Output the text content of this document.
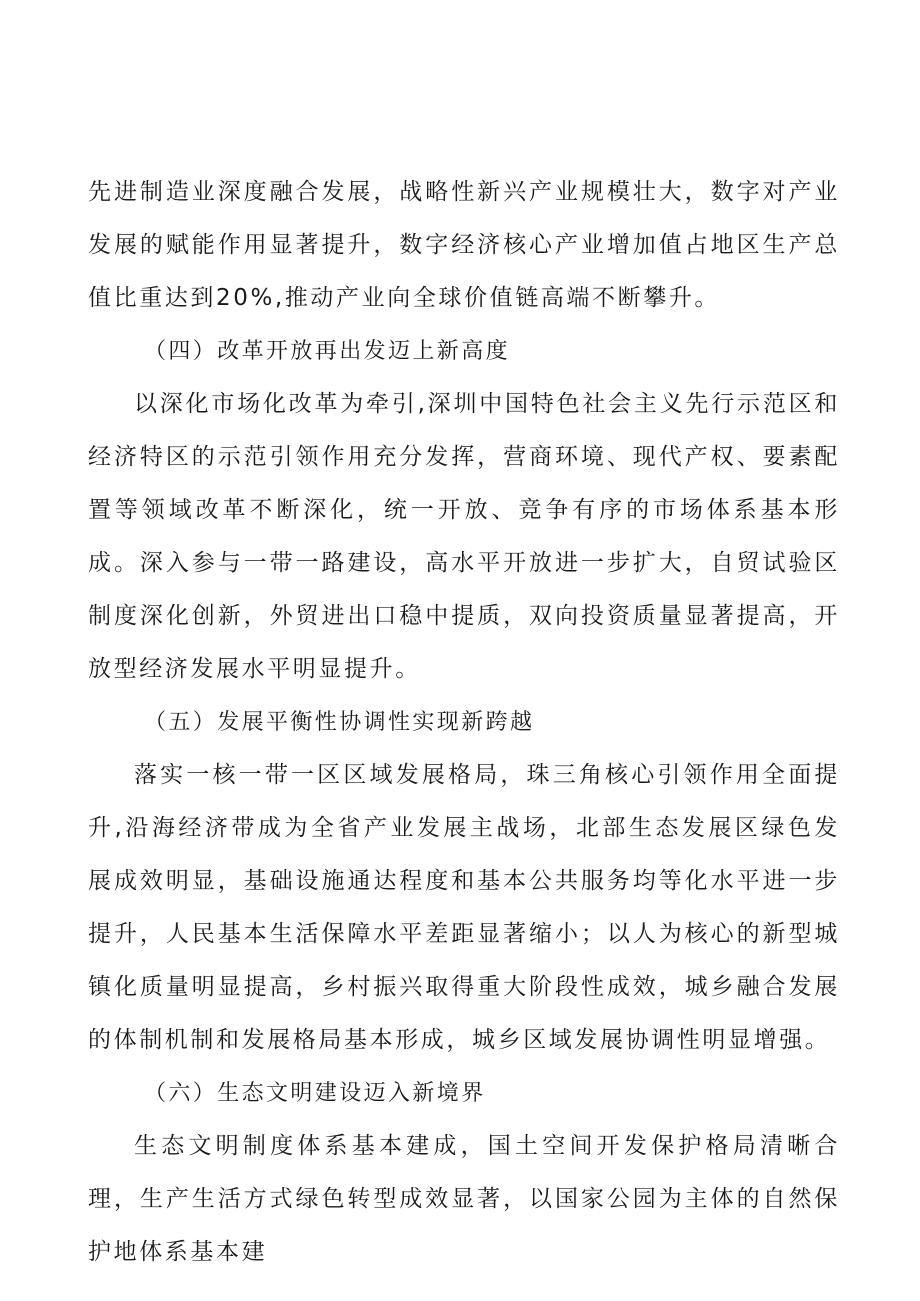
先进制造业深度融合发展，战略性新兴产业规模壮大，数字对产业发展的赋能作用显著提升，数字经济核心产业增加值占地区生产总值比重达到20%,推动产业向全球价值链高端不断攀升。

（四）改革开放再出发迈上新高度

以深化市场化改革为牵引,深圳中国特色社会主义先行示范区和经济特区的示范引领作用充分发挥，营商环境、现代产权、要素配置等领域改革不断深化，统一开放、竞争有序的市场体系基本形成。深入参与一带一路建设，高水平开放进一步扩大，自贸试验区制度深化创新，外贸进出口稳中提质，双向投资质量显著提高，开放型经济发展水平明显提升。

（五）发展平衡性协调性实现新跨越

落实一核一带一区区域发展格局，珠三角核心引领作用全面提升,沿海经济带成为全省产业发展主战场，北部生态发展区绿色发展成效明显，基础设施通达程度和基本公共服务均等化水平进一步提升，人民基本生活保障水平差距显著缩小；以人为核心的新型城镇化质量明显提高，乡村振兴取得重大阶段性成效，城乡融合发展的体制机制和发展格局基本形成，城乡区域发展协调性明显增强。

（六）生态文明建设迈入新境界

生态文明制度体系基本建成，国土空间开发保护格局清晰合理，生产生活方式绿色转型成效显著，以国家公园为主体的自然保护地体系基本建
